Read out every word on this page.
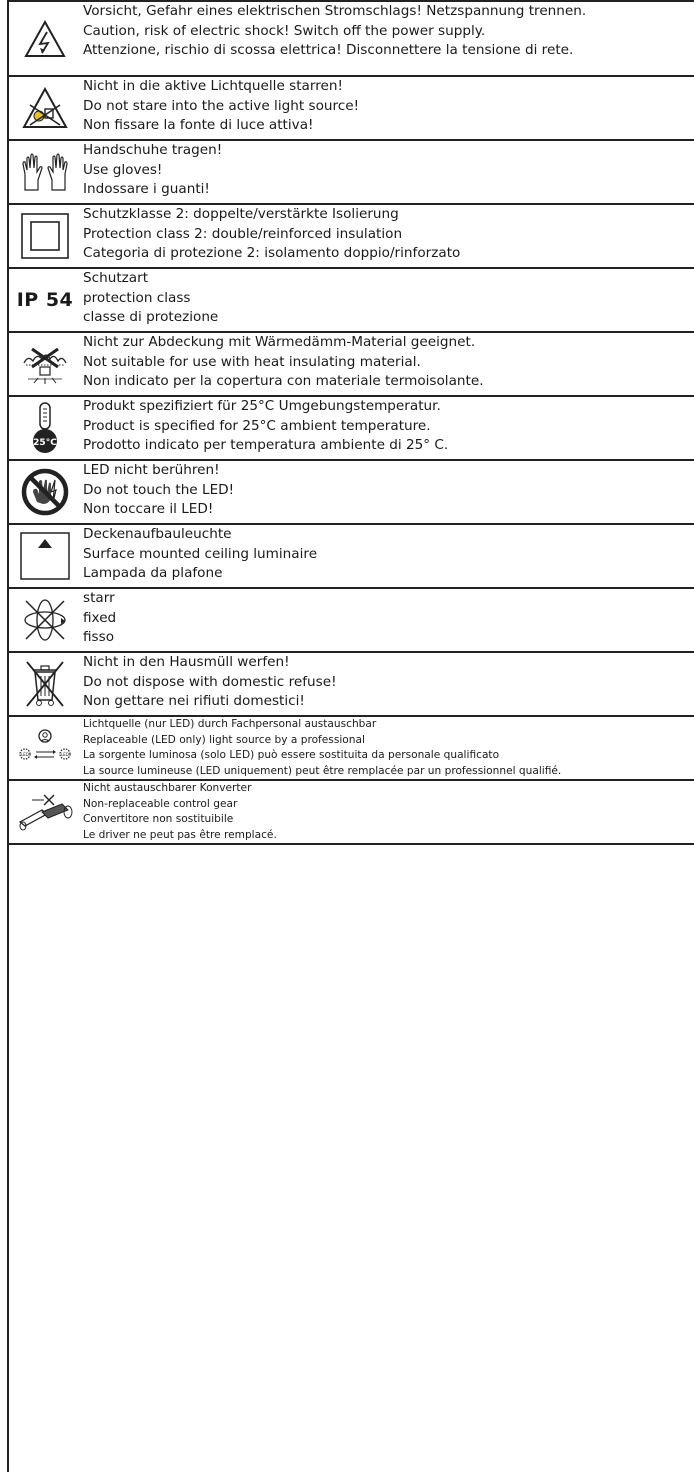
Vorsicht, Gefahr eines elektrischen Stromschlags! Netzspannung trennen.
Caution, risk of electric shock! Switch off the power supply.
Attenzione, rischio di scossa elettrica! Disconnettere la tensione di rete.
Nicht in die aktive Lichtquelle starren!
Do not stare into the active light source!
Non fissare la fonte di luce attiva!
Handschuhe tragen!
Use gloves!
Indossare i guanti!
Schutzklasse 2: doppelte/verstärkte Isolierung
Protection class 2: double/reinforced insulation
Categoria di protezione 2: isolamento doppio/rinforzato
IP 54
Schutzart
protection class
classe di protezione
Nicht zur Abdeckung mit Wärmedämm-Material geeignet.
Not suitable for use with heat insulating material.
Non indicato per la copertura con materiale termoisolante.
25°C
Produkt spezifiziert für 25°C Umgebungstemperatur.
Product is specified for 25°C ambient temperature.
Prodotto indicato per temperatura ambiente di 25° C.
LED nicht berühren!
Do not touch the LED!
Non toccare il LED!
Deckenaufbauleuchte
Surface mounted ceiling luminaire
Lampada da plafone
starr
fixed
fisso
Nicht in den Hausmüll werfen!
Do not dispose with domestic refuse!
Non gettare nei rifiuti domestici!
LED	LED
Lichtquelle (nur LED) durch Fachpersonal austauschbar
Replaceable (LED only) light source by a professional
La sorgente luminosa (solo LED) può essere sostituita da personale qualificato
La source lumineuse (LED uniquement) peut être remplacée par un professionnel qualifié.
Nicht austauschbarer Konverter
Non-replaceable control gear
Convertitore non sostituibile
Le driver ne peut pas être remplacé.
